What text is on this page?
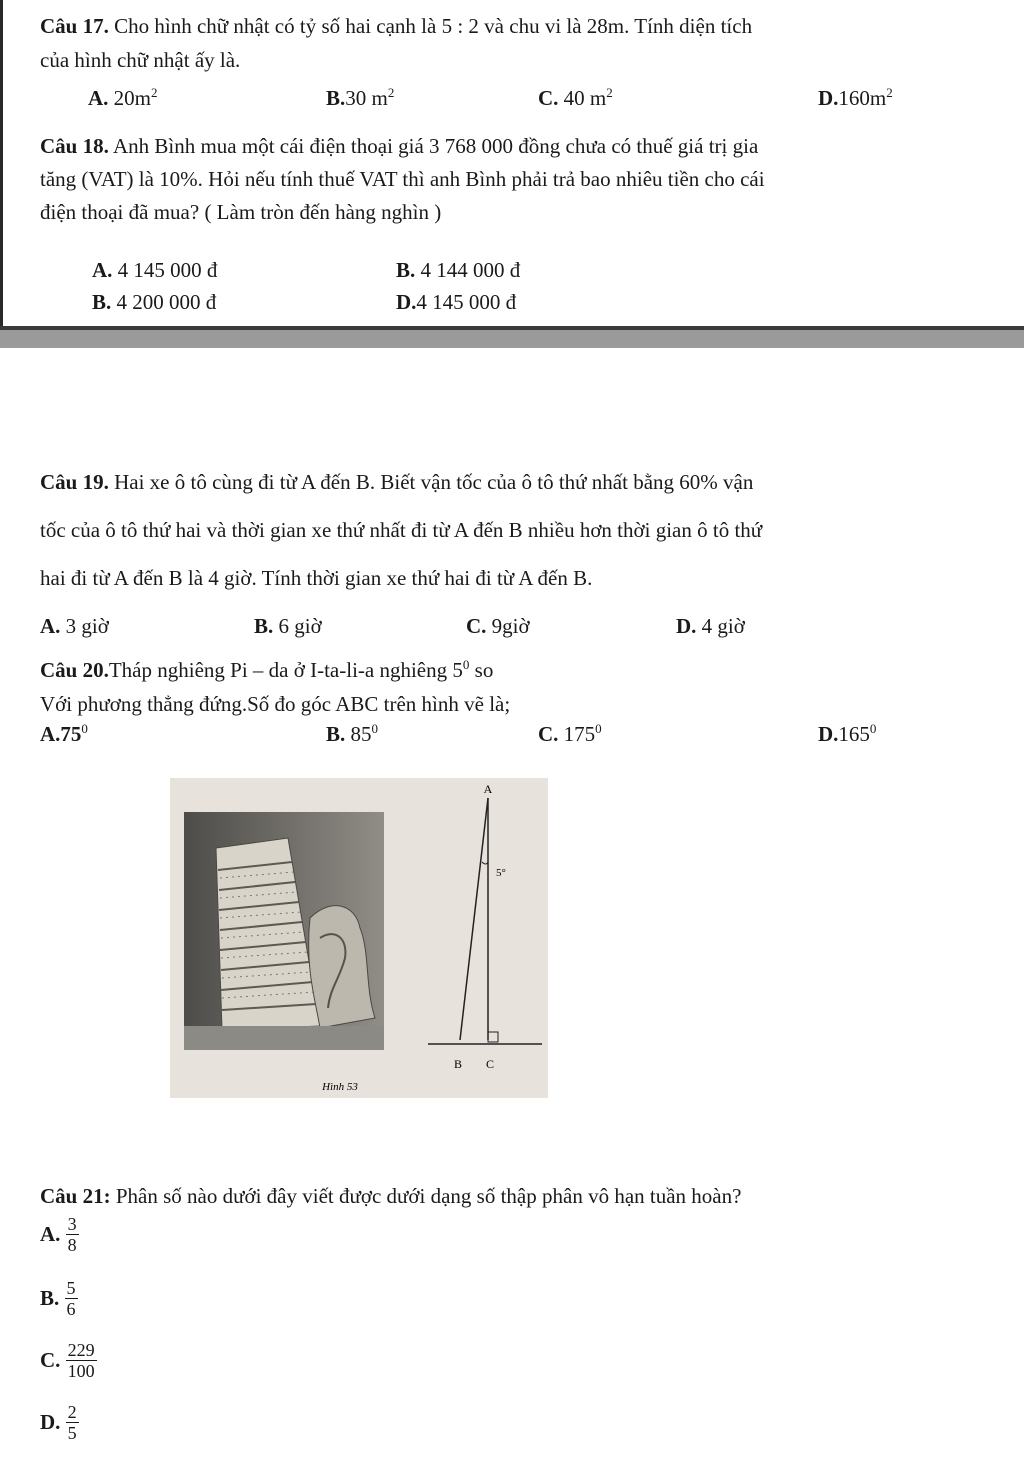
Câu 17. Cho hình chữ nhật có tỷ số hai cạnh là 5 : 2 và chu vi là 28m. Tính diện tích
của hình chữ nhật ấy là.
A. $20m^2$	B.30 $m^2$	C. 40 $m^2$	$D.160m^2$
Câu 18. Anh Bình mua một cái điện thoại giá 3 768 000 đồng chưa có thuế giá trị gia
tăng (VAT) là 10%. Hỏi nếu tính thuế VAT thì anh Bình phải trả bao nhiêu tiền cho cái
điện thoại đã mua? ( Làm tròn đến hàng nghìn )
A. 4 145 000 đ	B. 4 144 000 đ
B. 4 200 000 đ	D.4 145 000 đ
Câu 19. Hai xe ô tô cùng đi từ A đến B. Biết vận tốc của ô tô thứ nhất bằng 60% vận
tốc của ô tô thứ hai và thời gian xe thứ nhất đi từ A đến B nhiều hơn thời gian ô tô thứ
hai đi từ A đến B là 4 giờ. Tính thời gian xe thứ hai đi từ A đến B.
A. 3 giờ	B. 6 giờ	C. 9giờ	D. 4 giờ
Câu 20.Tháp nghiêng Pi – da ở I-ta-li-a nghiêng $5^0$ so
Với phương thẳng đứng.Số đo góc ABC trên hình vẽ là;
$A.75^0$	B. $85^0$	C. $175^0$	D.165$^0$
A
5°
B C
Hình 53
Câu 21: Phân số nào dưới đây viết được dưới dạng số thập phân vô hạn tuần hoàn?
A. $\frac{3}{8}$
B. $\frac{5}{6}$
C. $\frac{229}{100}$
D. $\frac{2}{5}$
